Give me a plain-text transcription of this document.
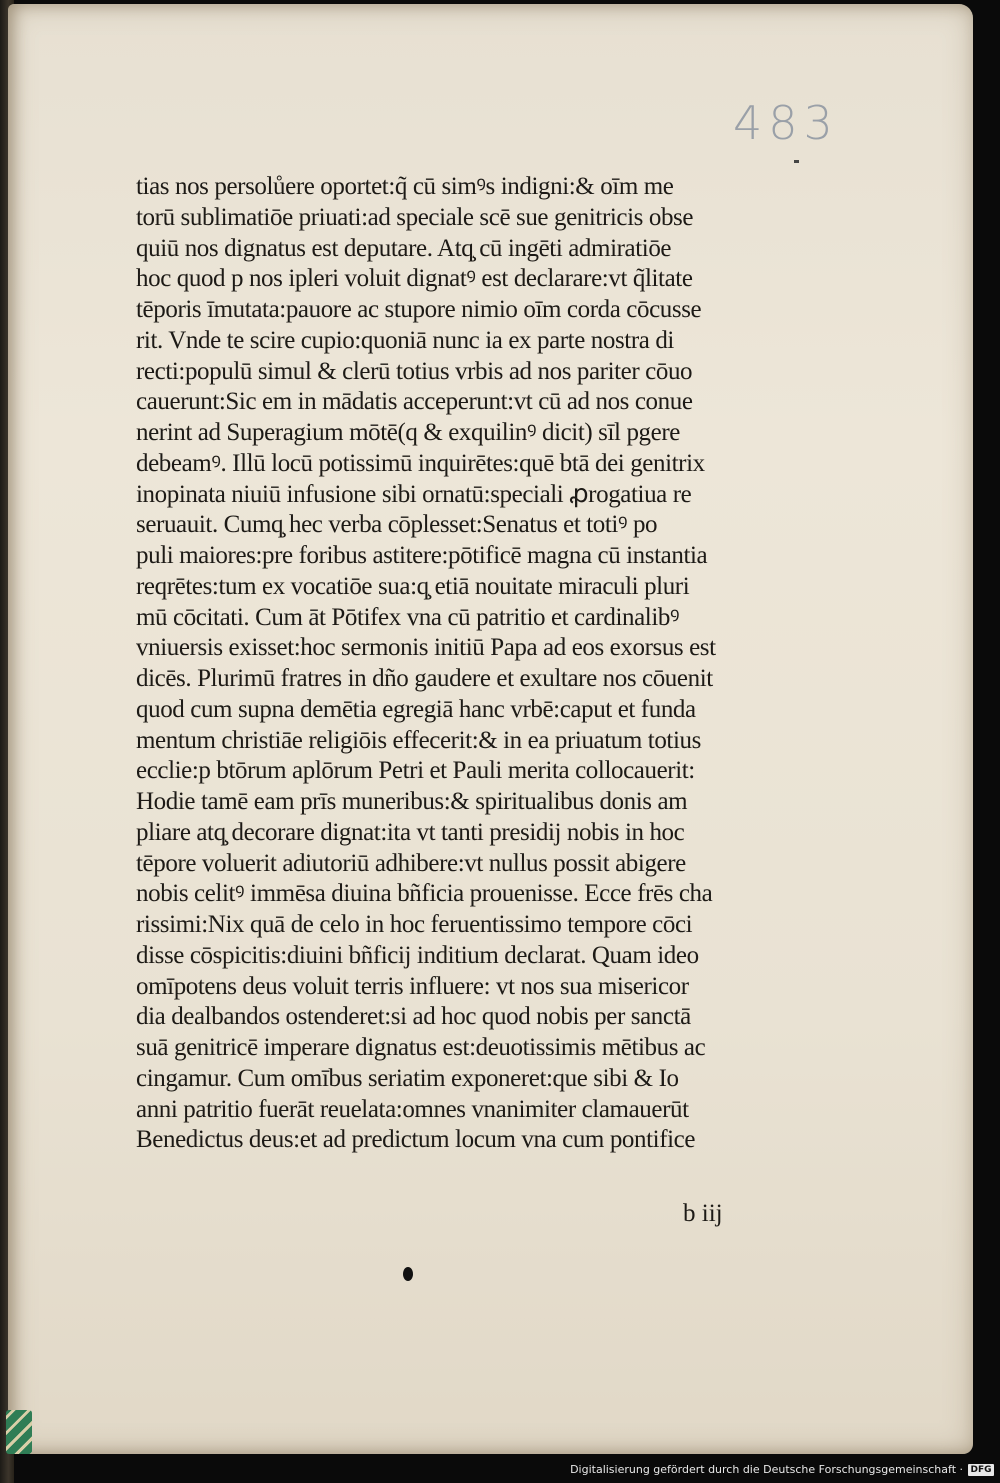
483
tias nos persolůere oportet:q̃ cū simꝰs indigni:& oīm me
torū sublimatiōe priuati:ad speciale scē sue genitricis obse
quiū nos dignatus est deputare. Atq̧ cū ingēti admiratiōe
hoc quod p nos ipleri voluit dignatꝰ est declarare:vt q̃litate
tēporis īmutata:pauore ac stupore nimio oīm corda cōcusse
rit. Vnde te scire cupio:quoniā nunc ia ex parte nostra di
recti:populū simul & clerū totius vrbis ad nos pariter cōuo
cauerunt:Sic em in mādatis acceperunt:vt cū ad nos conue
nerint ad Superagium mōtē(q & exquilinꝰ dicit) sīl pgere
debeamꝰ. Illū locū potissimū inquirētes:quē btā dei genitrix
inopinata niuiū infusione sibi ornatū:speciali ꝓrogatiua re
seruauit. Cumq̧ hec verba cōplesset:Senatus et totiꝰ po
puli maiores:pre foribus astitere:pōtificē magna cū instantia
reqrētes:tum ex vocatiōe sua:q̧ etiā nouitate miraculi pluri
mū cōcitati. Cum āt Pōtifex vna cū patritio et cardinalibꝰ
vniuersis exisset:hoc sermonis initiū Papa ad eos exorsus est
dicēs. Plurimū fratres in dño gaudere et exultare nos cōuenit
quod cum supna demētia egregiā hanc vrbē:caput et funda
mentum christiāe religiōis effecerit:& in ea priuatum totius
ecclie:p btōrum aplōrum Petri et Pauli merita collocauerit:
Hodie tamē eam prīs muneribus:& spiritualibus donis am
pliare atq̧ decorare dignat:ita vt tanti presidij nobis in hoc
tēpore voluerit adiutoriū adhibere:vt nullus possit abigere
nobis celitꝰ immēsa diuina bñficia prouenisse. Ecce frēs cha
rissimi:Nix quā de celo in hoc feruentissimo tempore cōci
disse cōspicitis:diuini bñficij inditium declarat. Quam ideo
omīpotens deus voluit terris influere: vt nos sua misericor
dia dealbandos ostenderet:si ad hoc quod nobis per sanctā
suā genitricē imperare dignatus est:deuotissimis mētibus ac
cingamur. Cum omībus seriatim exponeret:que sibi & Io
anni patritio fuerāt reuelata:omnes vnanimiter clamauerūt
Benedictus deus:et ad predictum locum vna cum pontifice
b iij
Digitalisierung gefördert durch die Deutsche Forschungsgemeinschaft · DFG
